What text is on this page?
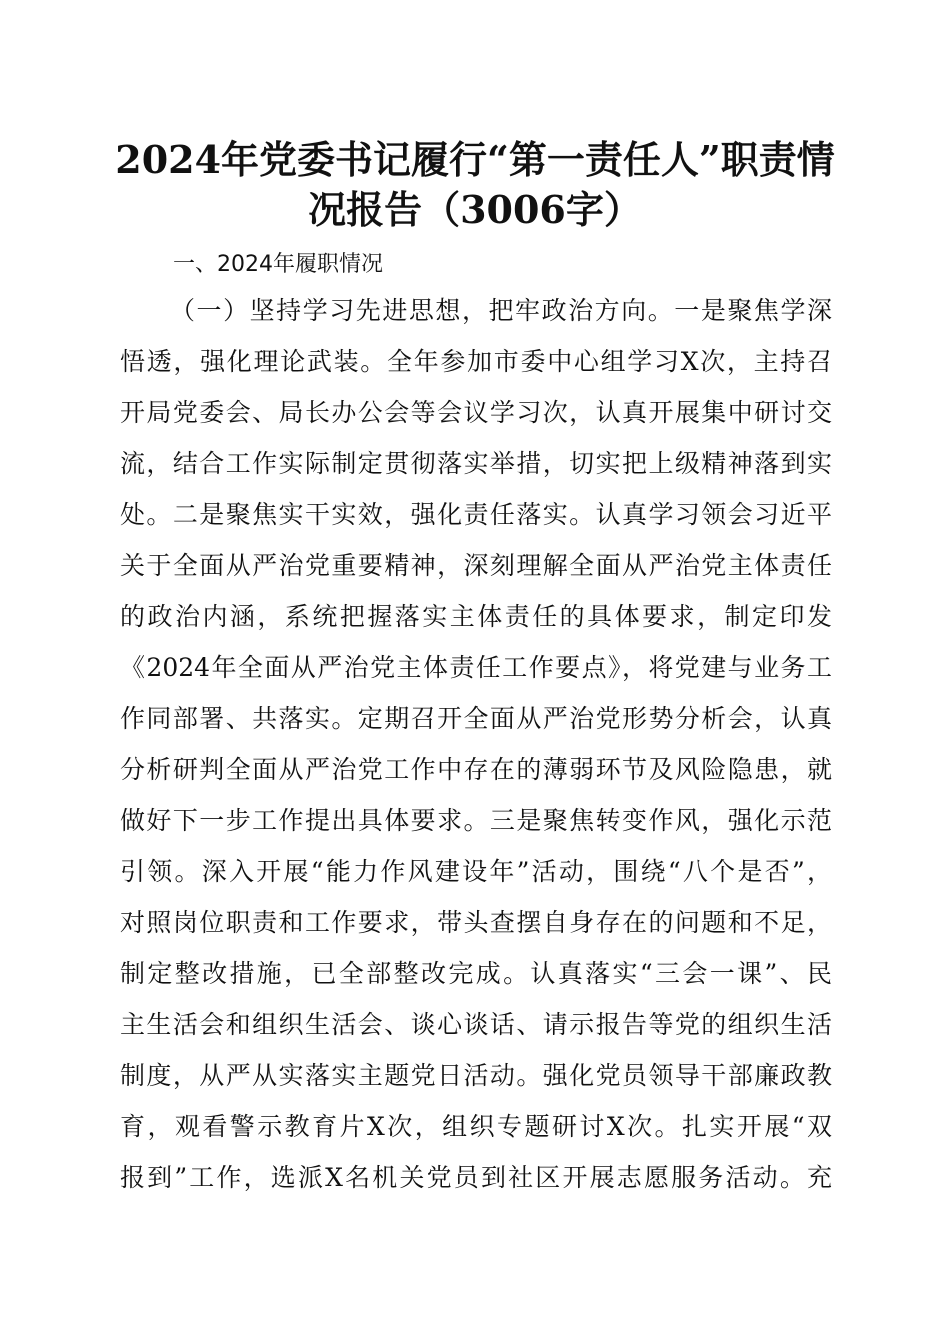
2024年党委书记履行“第一责任人”职责情
况报告（3006字）
一、2024年履职情况
（一）坚持学习先进思想，把牢政治方向。一是聚焦学深
悟透，强化理论武装。全年参加市委中心组学习X次，主持召
开局党委会、局长办公会等会议学习次，认真开展集中研讨交
流，结合工作实际制定贯彻落实举措，切实把上级精神落到实
处。二是聚焦实干实效，强化责任落实。认真学习领会习近平
关于全面从严治党重要精神，深刻理解全面从严治党主体责任
的政治内涵，系统把握落实主体责任的具体要求，制定印发
《2024年全面从严治党主体责任工作要点》，将党建与业务工
作同部署、共落实。定期召开全面从严治党形势分析会，认真
分析研判全面从严治党工作中存在的薄弱环节及风险隐患，就
做好下一步工作提出具体要求。三是聚焦转变作风，强化示范
引领。深入开展“能力作风建设年”活动，围绕“八个是否”，
对照岗位职责和工作要求，带头查摆自身存在的问题和不足，
制定整改措施，已全部整改完成。认真落实“三会一课”、民
主生活会和组织生活会、谈心谈话、请示报告等党的组织生活
制度，从严从实落实主题党日活动。强化党员领导干部廉政教
育，观看警示教育片X次，组织专题研讨X次。扎实开展“双
报到”工作，选派X名机关党员到社区开展志愿服务活动。充
